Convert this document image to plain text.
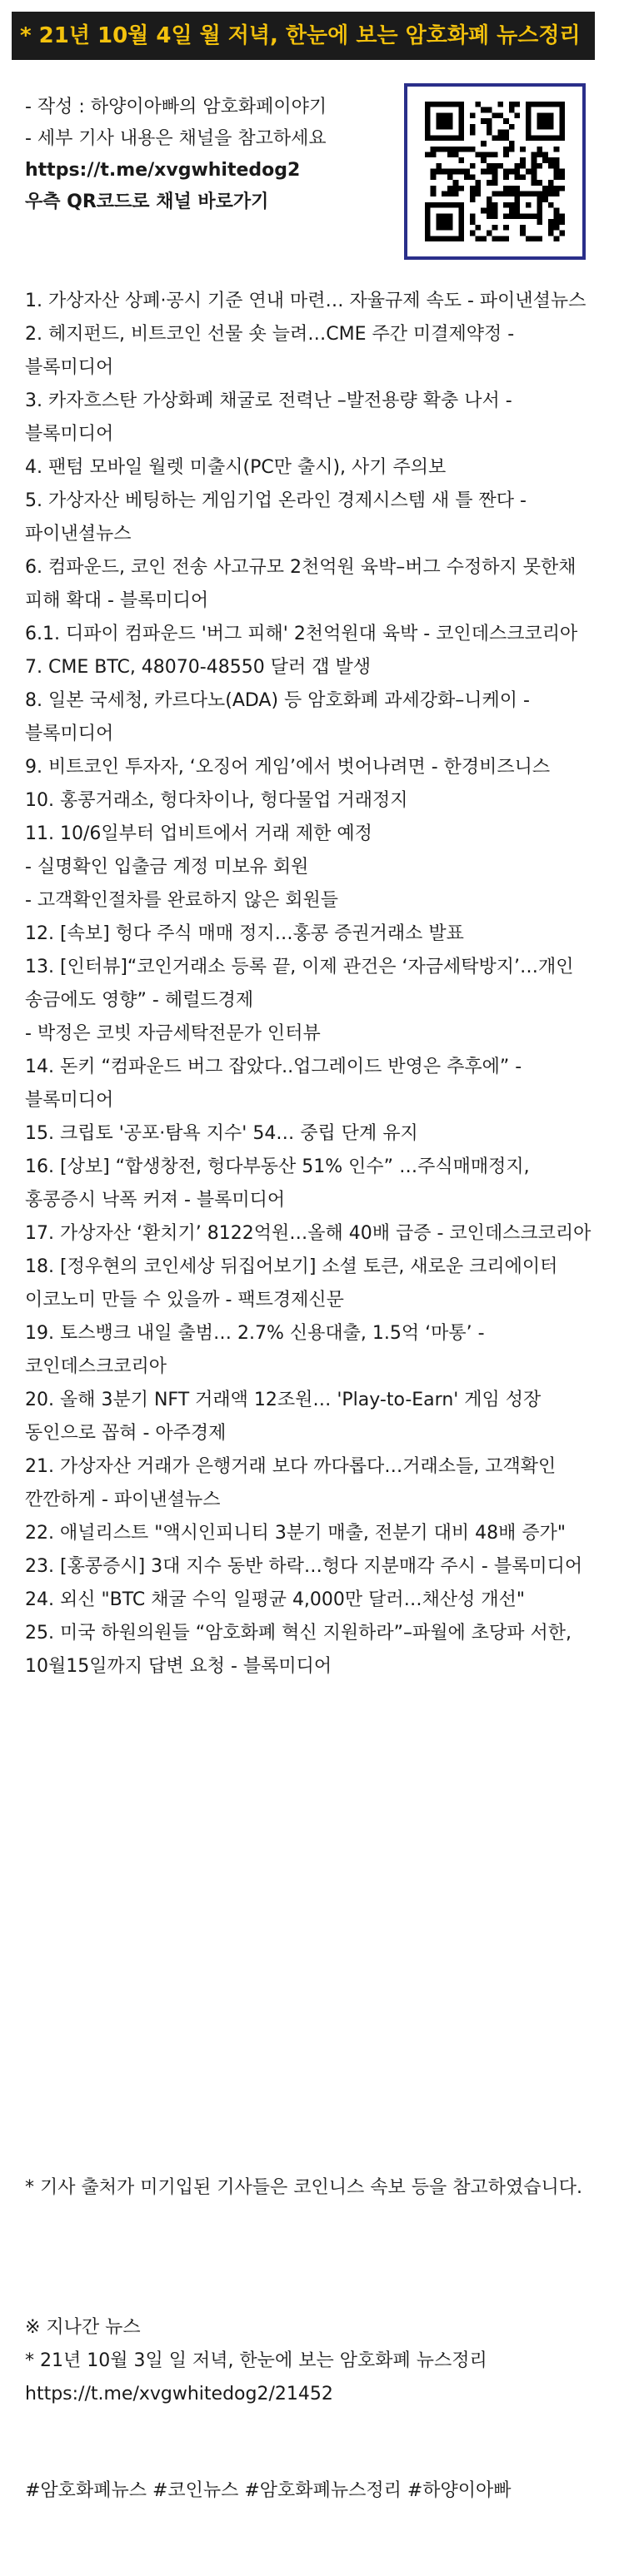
* 21년 10월 4일 월 저녁, 한눈에 보는 암호화폐 뉴스정리
- 작성 : 하양이아빠의 암호화페이야기
- 세부 기사 내용은 채널을 참고하세요
https://t.me/xvgwhitedog2
우측 QR코드로 채널 바로가기

1. 가상자산 상폐·공시 기준 연내 마련… 자율규제 속도 - 파이낸셜뉴스

2. 헤지펀드, 비트코인 선물 숏 늘려…CME 주간 미결제약정 - 블록미디어

3. 카자흐스탄 가상화폐 채굴로 전력난 –발전용량 확충 나서 - 블록미디어

4. 팬텀 모바일 월렛 미출시(PC만 출시), 사기 주의보

5. 가상자산 베팅하는 게임기업 온라인 경제시스템 새 틀 짠다 - 파이낸셜뉴스

6. 컴파운드, 코인 전송 사고규모 2천억원 육박–버그 수정하지 못한채 피해 확대 - 블록미디어

6.1. 디파이 컴파운드 '버그 피해' 2천억원대 육박 - 코인데스크코리아

7. CME BTC, 48070-48550 달러 갭 발생

8. 일본 국세청, 카르다노(ADA) 등 암호화폐 과세강화–니케이 - 블록미디어

9. 비트코인 투자자, ‘오징어 게임’에서 벗어나려면 - 한경비즈니스

10. 홍콩거래소, 헝다차이나, 헝다물업 거래정지

11. 10/6일부터 업비트에서 거래 제한 예정

- 실명확인 입출금 계정 미보유 회원

- 고객확인절차를 완료하지 않은 회원들

12. [속보] 헝다 주식 매매 정지…홍콩 증권거래소 발표

13. [인터뷰]“코인거래소 등록 끝, 이제 관건은 ‘자금세탁방지’…개인 송금에도 영향” - 헤럴드경제

- 박정은 코빗 자금세탁전문가 인터뷰

14. 돈키 “컴파운드 버그 잡았다..업그레이드 반영은 추후에” - 블록미디어

15. 크립토 '공포·탐욕 지수' 54… 중립 단계 유지

16. [상보] “합생창전, 헝다부동산 51% 인수” …주식매매정지, 홍콩증시 낙폭 커져 - 블록미디어

17. 가상자산 ‘환치기’ 8122억원…올해 40배 급증 - 코인데스크코리아

18. [정우현의 코인세상 뒤집어보기] 소셜 토큰, 새로운 크리에이터 이코노미 만들 수 있을까 - 팩트경제신문

19. 토스뱅크 내일 출범… 2.7% 신용대출, 1.5억 ‘마통’ - 코인데스크코리아

20. 올해 3분기 NFT 거래액 12조원… 'Play-to-Earn' 게임 성장 동인으로 꼽혀 - 아주경제

21. 가상자산 거래가 은행거래 보다 까다롭다…거래소들, 고객확인 깐깐하게 - 파이낸셜뉴스

22. 애널리스트 "액시인피니티 3분기 매출, 전분기 대비 48배 증가"

23. [홍콩증시] 3대 지수 동반 하락…헝다 지분매각 주시 - 블록미디어

24. 외신 "BTC 채굴 수익 일평균 4,000만 달러…채산성 개선"

25. 미국 하원의원들 “암호화폐 혁신 지원하라”–파월에 초당파 서한, 10월15일까지 답변 요청 - 블록미디어

* 기사 출처가 미기입된 기사들은 코인니스 속보 등을 참고하였습니다.
※ 지나간 뉴스
* 21년 10월 3일 일 저녁, 한눈에 보는 암호화폐 뉴스정리
https://t.me/xvgwhitedog2/21452
#암호화폐뉴스 #코인뉴스 #암호화폐뉴스정리 #하양이아빠
